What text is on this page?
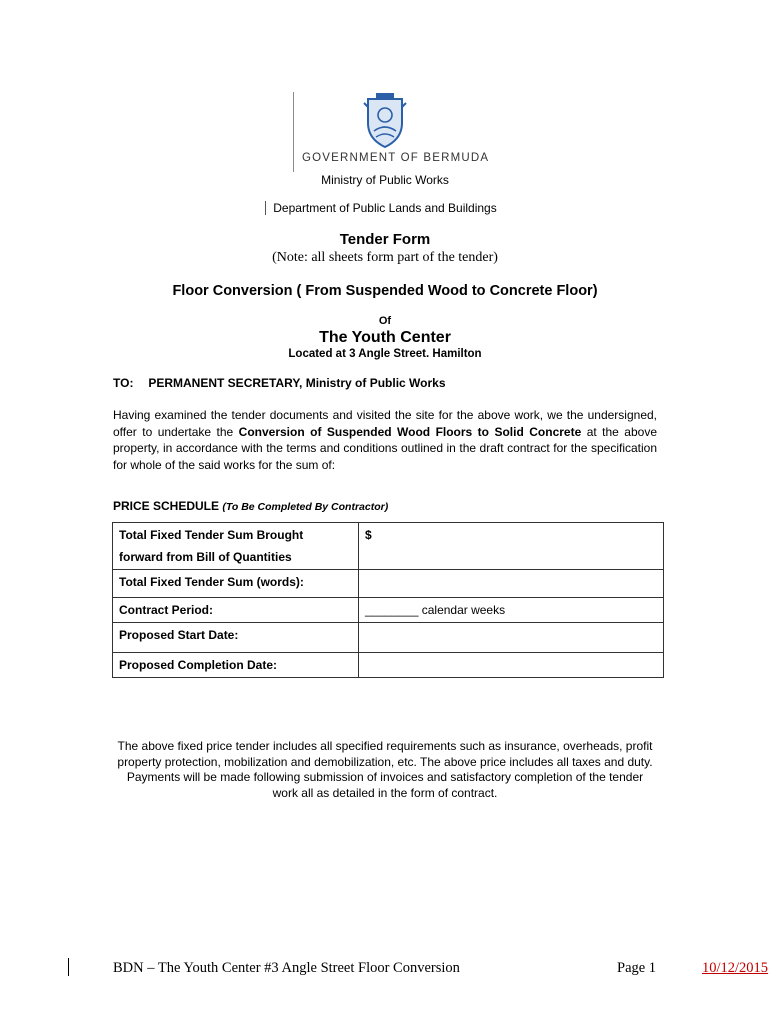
GOVERNMENT OF BERMUDA
Ministry of Public Works
Department of Public Lands and Buildings
Tender Form
(Note: all sheets form part of the tender)
Floor Conversion ( From Suspended Wood to Concrete Floor)
Of
The Youth Center
Located at 3 Angle Street. Hamilton
TO: PERMANENT SECRETARY, Ministry of Public Works
Having examined the tender documents and visited the site for the above work, we the undersigned, offer to undertake the Conversion of Suspended Wood Floors to Solid Concrete at the above property, in accordance with the terms and conditions outlined in the draft contract for the specification for whole of the said works for the sum of:
PRICE SCHEDULE (To Be Completed By Contractor)
Total Fixed Tender Sum Brought
forward from Bill of Quantities	$
Total Fixed Tender Sum (words):	
Contract Period:	________ calendar weeks
Proposed Start Date:	
Proposed Completion Date:	
The above fixed price tender includes all specified requirements such as insurance, overheads, profit property protection, mobilization and demobilization, etc. The above price includes all taxes and duty. Payments will be made following submission of invoices and satisfactory completion of the tender work all as detailed in the form of contract.
BDN – The Youth Center #3 Angle Street Floor Conversion	Page 1	10/12/2015
